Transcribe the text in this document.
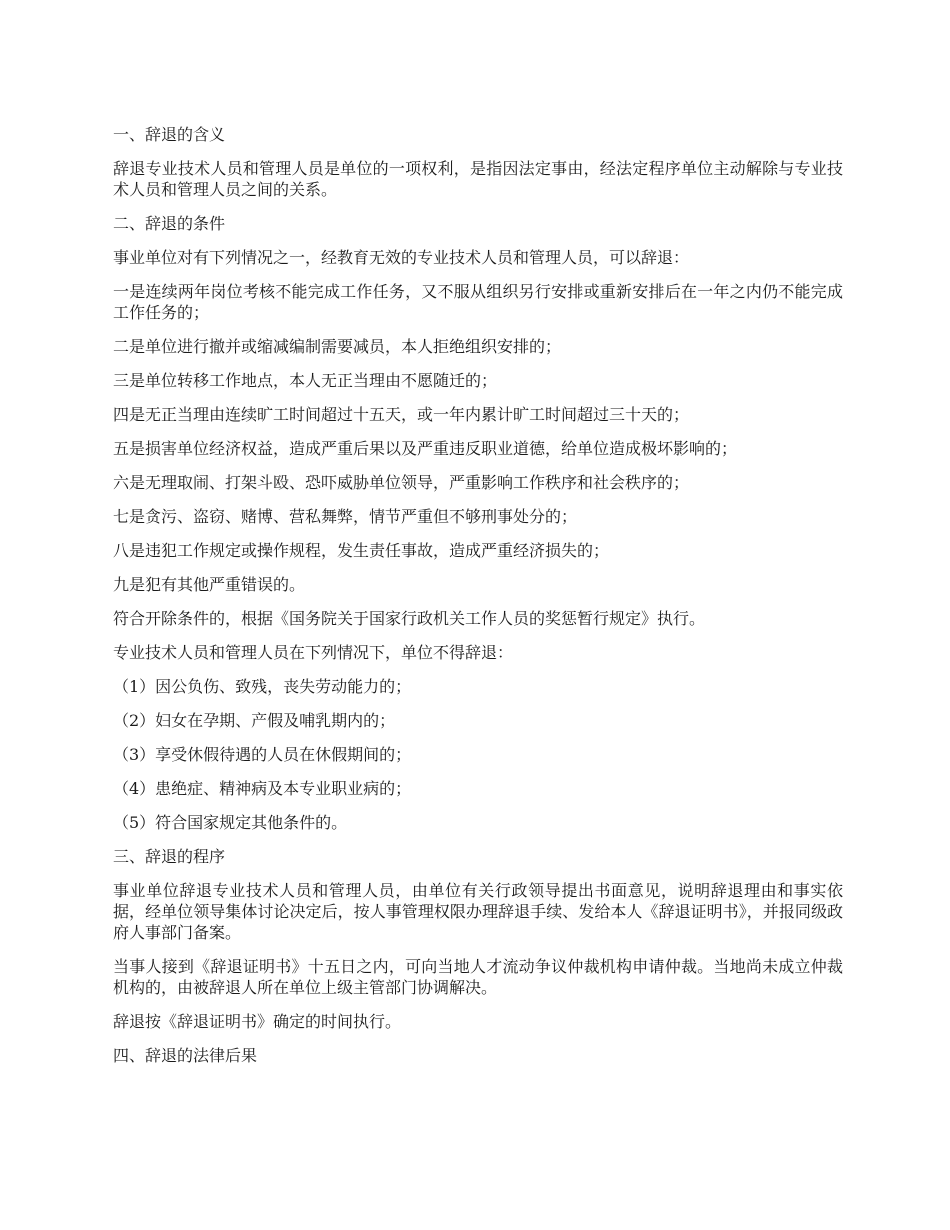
一、辞退的含义

辞退专业技术人员和管理人员是单位的一项权利，是指因法定事由，经法定程序单位主动解除与专业技术人员和管理人员之间的关系。

二、辞退的条件

事业单位对有下列情况之一，经教育无效的专业技术人员和管理人员，可以辞退：

一是连续两年岗位考核不能完成工作任务，又不服从组织另行安排或重新安排后在一年之内仍不能完成工作任务的；

二是单位进行撤并或缩减编制需要减员，本人拒绝组织安排的；

三是单位转移工作地点，本人无正当理由不愿随迁的；

四是无正当理由连续旷工时间超过十五天，或一年内累计旷工时间超过三十天的；

五是损害单位经济权益，造成严重后果以及严重违反职业道德，给单位造成极坏影响的；

六是无理取闹、打架斗殴、恐吓威胁单位领导，严重影响工作秩序和社会秩序的；

七是贪污、盗窃、赌博、营私舞弊，情节严重但不够刑事处分的；

八是违犯工作规定或操作规程，发生责任事故，造成严重经济损失的；

九是犯有其他严重错误的。

符合开除条件的，根据《国务院关于国家行政机关工作人员的奖惩暂行规定》执行。

专业技术人员和管理人员在下列情况下，单位不得辞退：

（1）因公负伤、致残，丧失劳动能力的；

（2）妇女在孕期、产假及哺乳期内的；

（3）享受休假待遇的人员在休假期间的；

（4）患绝症、精神病及本专业职业病的；

（5）符合国家规定其他条件的。

三、辞退的程序

事业单位辞退专业技术人员和管理人员，由单位有关行政领导提出书面意见，说明辞退理由和事实依据，经单位领导集体讨论决定后，按人事管理权限办理辞退手续、发给本人《辞退证明书》，并报同级政府人事部门备案。

当事人接到《辞退证明书》十五日之内，可向当地人才流动争议仲裁机构申请仲裁。当地尚未成立仲裁机构的，由被辞退人所在单位上级主管部门协调解决。

辞退按《辞退证明书》确定的时间执行。

四、辞退的法律后果
